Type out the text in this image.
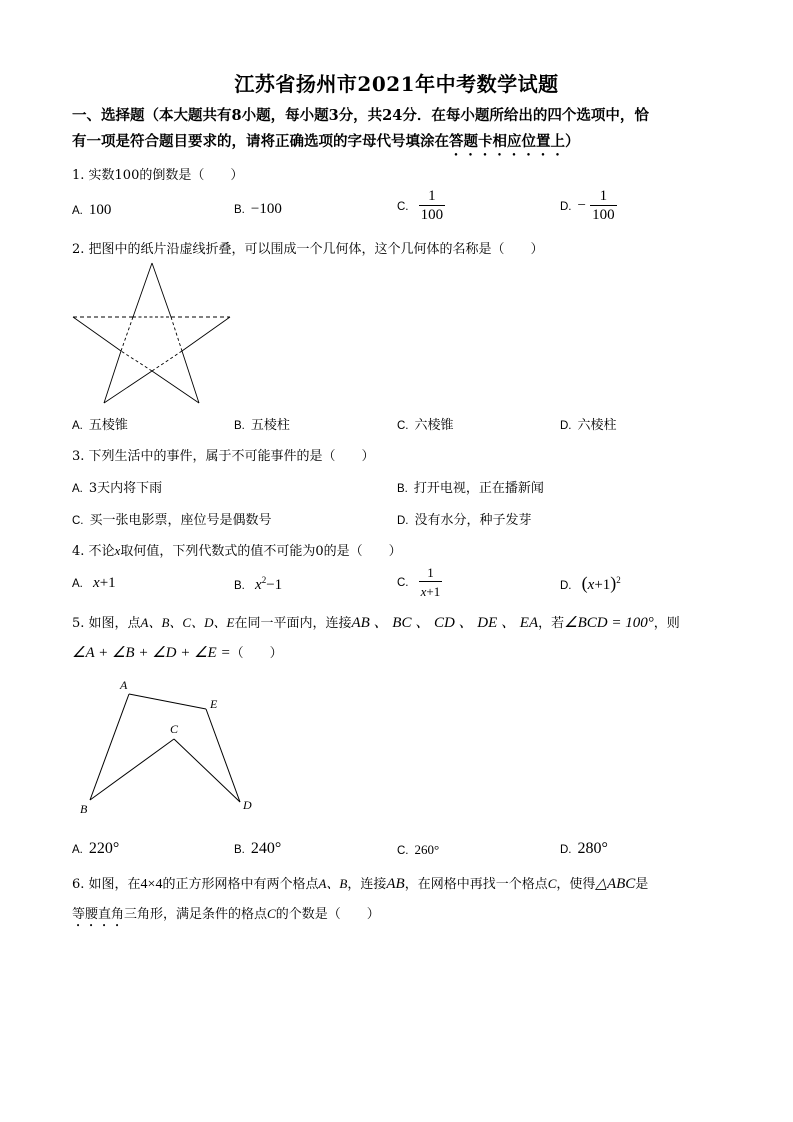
江苏省扬州市2021年中考数学试题
一、选择题（本大题共有8小题，每小题3分，共24分．在每小题所给出的四个选项中，恰
有一项是符合题目要求的，请将正确选项的字母代号填涂在答题卡相应位置上）
1. 实数100的倒数是（　　）
A. 100	B. −100	C. $\frac{1}{100}$	D. − $\frac{1}{100}$
2. 把图中的纸片沿虚线折叠，可以围成一个几何体，这个几何体的名称是（　　）
A. 五棱锥	B. 五棱柱	C. 六棱锥	D. 六棱柱
3. 下列生活中的事件，属于不可能事件的是（　　）
A. 3天内将下雨	B. 打开电视，正在播新闻
C. 买一张电影票，座位号是偶数号	D. 没有水分，种子发芽
4. 不论x取何值，下列代数式的值不可能为0的是（　　）
A. x+1	B. $x^2-1$	C. $\frac{1}{x+1}$	D. $(x+1)^2$
5. 如图，点A、B、C、D、E在同一平面内，连接AB 、 BC 、 CD 、 DE 、 EA，若∠BCD = 100°，则
∠A + ∠B + ∠D + ∠E =（　　）
A
E
C
B	D
A. 220°	B. 240°	C. 260°	D. 280°
6. 如图，在4×4的正方形网格中有两个格点A、B，连接AB，在网格中再找一个格点C，使得△ABC是
等腰直角三角形，满足条件的格点C的个数是（　　）
